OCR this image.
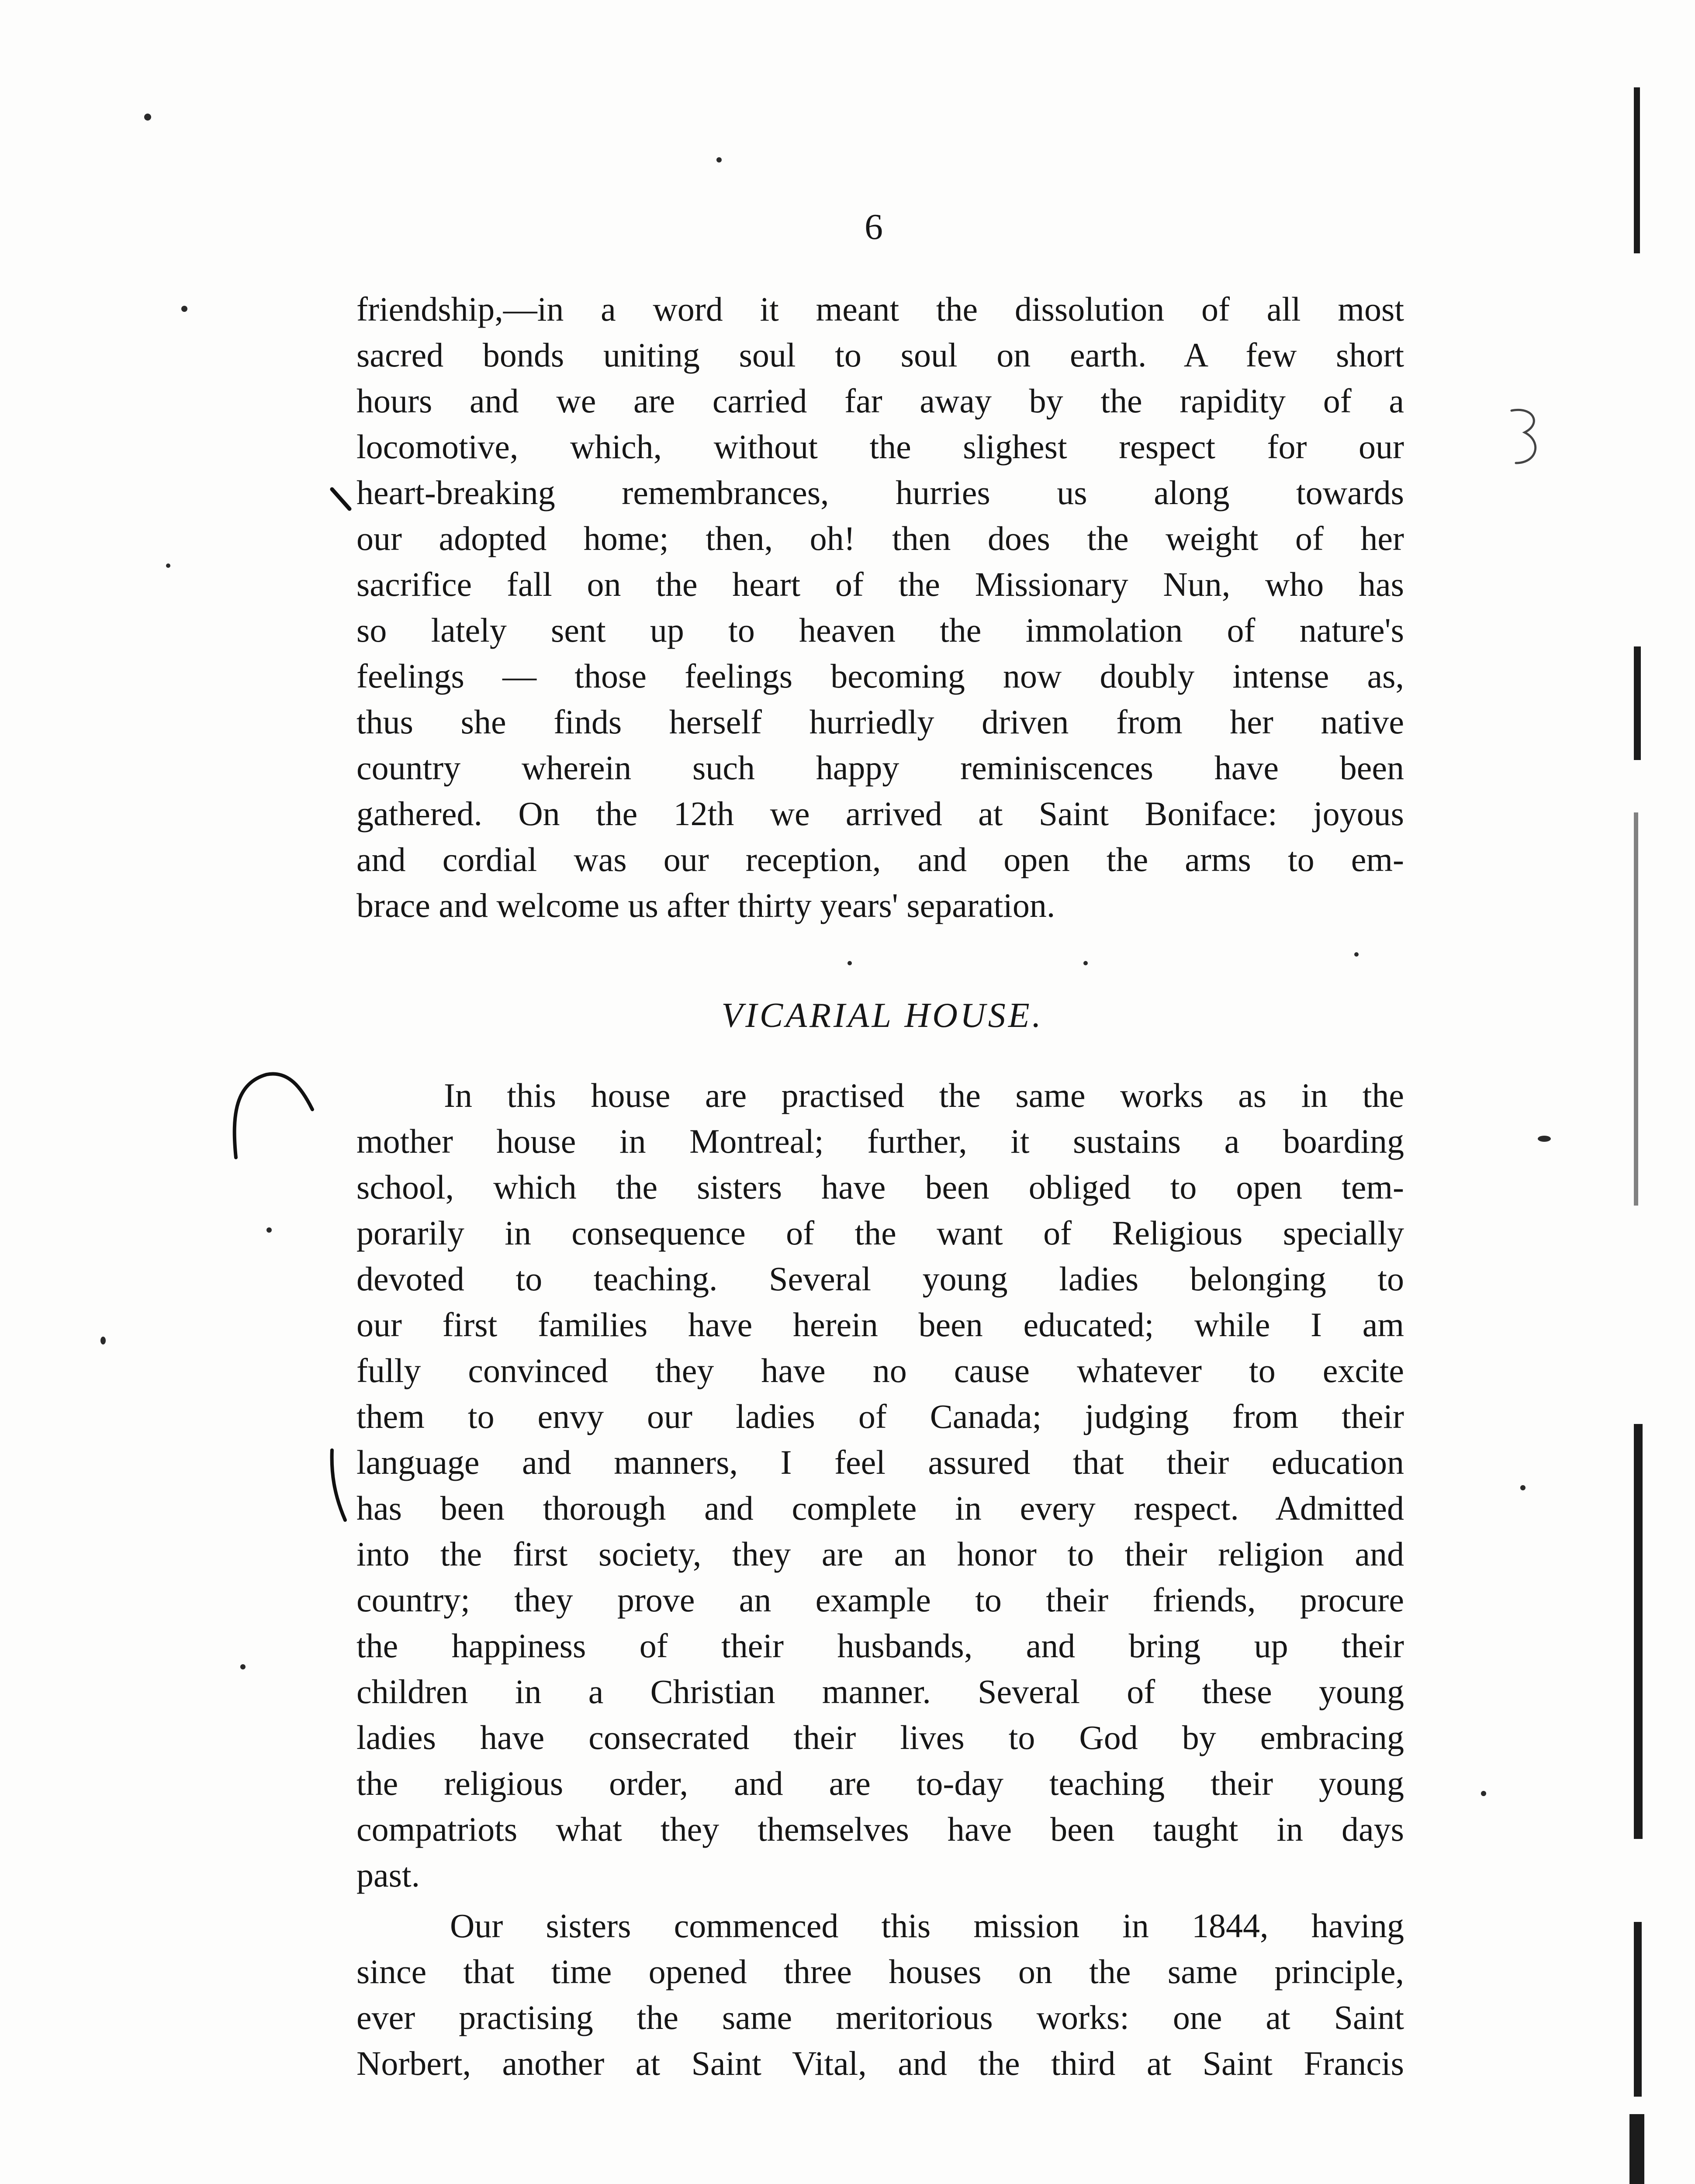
6
friendship,—in a word it meant the dissolution of all most
sacred bonds uniting soul to soul on earth. A few short
hours and we are carried far away by the rapidity of a
locomotive, which, without the slighest respect for our
heart-breaking remembrances, hurries us along towards
our adopted home; then, oh! then does the weight of her
sacrifice fall on the heart of the Missionary Nun, who has
so lately sent up to heaven the immolation of nature's
feelings — those feelings becoming now doubly intense as,
thus she finds herself hurriedly driven from her native
country wherein such happy reminiscences have been
gathered. On the 12th we arrived at Saint Boniface: joyous
and cordial was our reception, and open the arms to em-
brace and welcome us after thirty years' separation.
VICARIAL HOUSE.
In this house are practised the same works as in the
mother house in Montreal; further, it sustains a boarding
school, which the sisters have been obliged to open tem-
porarily in consequence of the want of Religious specially
devoted to teaching. Several young ladies belonging to
our first families have herein been educated; while I am
fully convinced they have no cause whatever to excite
them to envy our ladies of Canada; judging from their
language and manners, I feel assured that their education
has been thorough and complete in every respect. Admitted
into the first society, they are an honor to their religion and
country; they prove an example to their friends, procure
the happiness of their husbands, and bring up their
children in a Christian manner. Several of these young
ladies have consecrated their lives to God by embracing
the religious order, and are to-day teaching their young
compatriots what they themselves have been taught in days
past.
Our sisters commenced this mission in 1844, having
since that time opened three houses on the same principle,
ever practising the same meritorious works: one at Saint
Norbert, another at Saint Vital, and the third at Saint Francis
